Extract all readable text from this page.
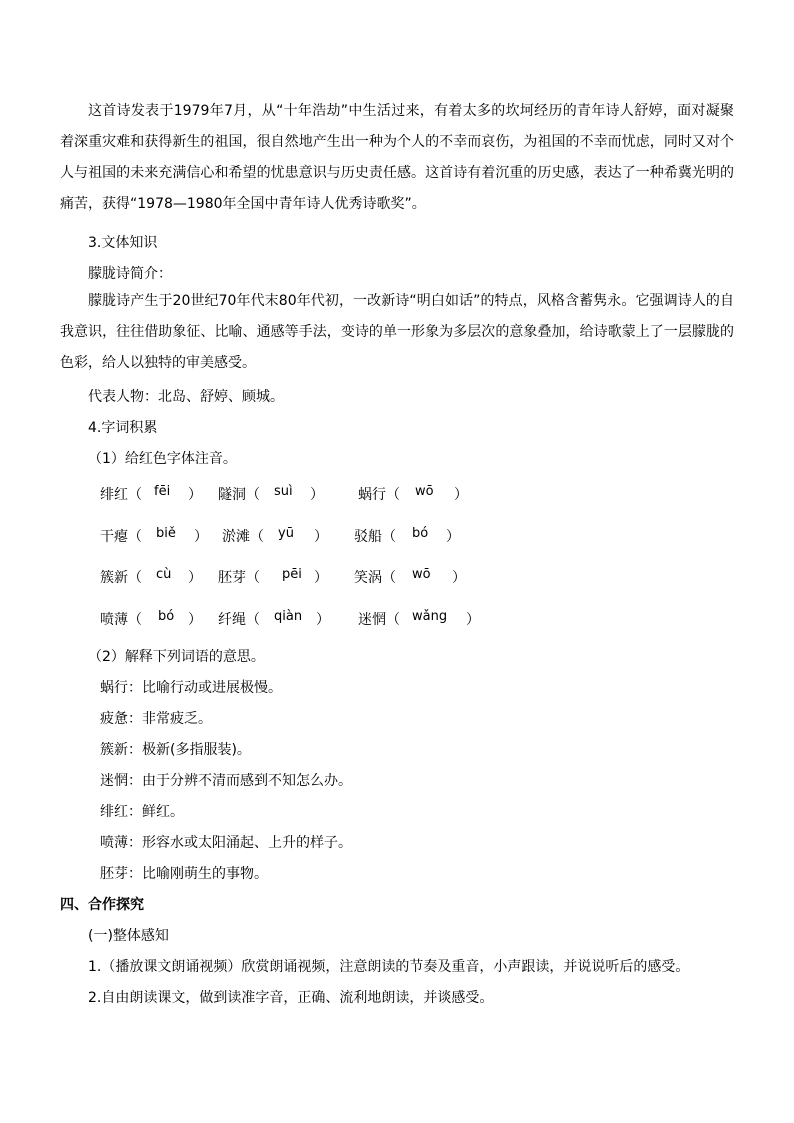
这首诗发表于1979年7月，从“十年浩劫”中生活过来，有着太多的坎坷经历的青年诗人舒婷，面对凝聚着深重灾难和获得新生的祖国，很自然地产生出一种为个人的不幸而哀伤，为祖国的不幸而忧虑，同时又对个人与祖国的未来充满信心和希望的忧患意识与历史责任感。这首诗有着沉重的历史感，表达了一种希冀光明的痛苦，获得“1978—1980年全国中青年诗人优秀诗歌奖”。

3.文体知识
朦胧诗简介：

朦胧诗产生于20世纪70年代末80年代初，一改新诗“明白如话”的特点，风格含蓄隽永。它强调诗人的自我意识，往往借助象征、比喻、通感等手法，变诗的单一形象为多层次的意象叠加，给诗歌蒙上了一层朦胧的色彩，给人以独特的审美感受。

代表人物：北岛、舒婷、顾城。
4.字词积累
（1）给红色字体注音。
绯红（ fēi ） 隧洞（ suì ） 蜗行（ wō ）
干瘪（ biě ） 淤滩（ yū ） 驳船（ bó ）
簇新（ cù ） 胚芽（ pēi ） 笑涡（ wō ）
喷薄（ bó ） 纤绳（ qiàn ） 迷惘（ wǎng ）
（2）解释下列词语的意思。
蜗行：比喻行动或进展极慢。
疲惫：非常疲乏。
簇新：极新(多指服装)。
迷惘：由于分辨不清而感到不知怎么办。
绯红：鲜红。
喷薄：形容水或太阳涌起、上升的样子。
胚芽：比喻刚萌生的事物。
四、合作探究
(一)整体感知
1.（播放课文朗诵视频）欣赏朗诵视频，注意朗读的节奏及重音，小声跟读，并说说听后的感受。
2.自由朗读课文，做到读准字音，正确、流利地朗读，并谈感受。
